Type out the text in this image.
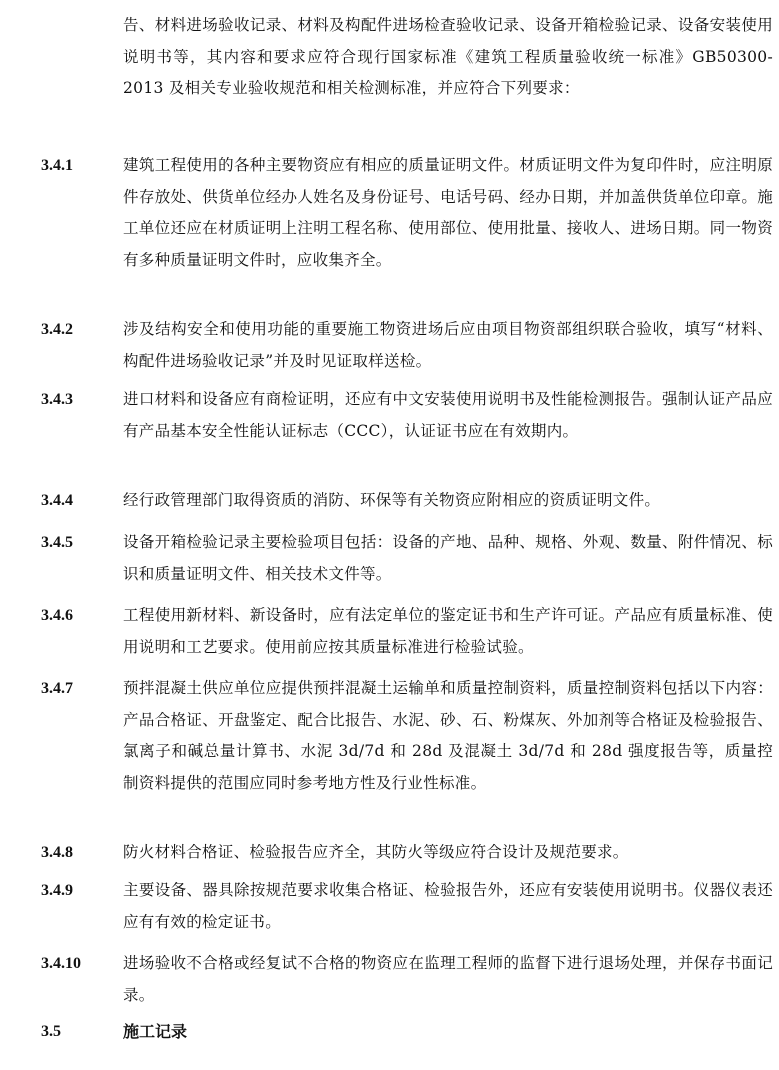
告、材料进场验收记录、材料及构配件进场检查验收记录、设备开箱检验记录、设备安装使用说明书等，其内容和要求应符合现行国家标准《建筑工程质量验收统一标准》GB50300-2013 及相关专业验收规范和相关检测标准，并应符合下列要求：
3.4.1	建筑工程使用的各种主要物资应有相应的质量证明文件。材质证明文件为复印件时，应注明原件存放处、供货单位经办人姓名及身份证号、电话号码、经办日期，并加盖供货单位印章。施工单位还应在材质证明上注明工程名称、使用部位、使用批量、接收人、进场日期。同一物资有多种质量证明文件时，应收集齐全。
3.4.2	涉及结构安全和使用功能的重要施工物资进场后应由项目物资部组织联合验收，填写“材料、构配件进场验收记录”并及时见证取样送检。
3.4.3	进口材料和设备应有商检证明，还应有中文安装使用说明书及性能检测报告。强制认证产品应有产品基本安全性能认证标志（CCC），认证证书应在有效期内。
3.4.4	经行政管理部门取得资质的消防、环保等有关物资应附相应的资质证明文件。
3.4.5	设备开箱检验记录主要检验项目包括：设备的产地、品种、规格、外观、数量、附件情况、标识和质量证明文件、相关技术文件等。
3.4.6	工程使用新材料、新设备时，应有法定单位的鉴定证书和生产许可证。产品应有质量标准、使用说明和工艺要求。使用前应按其质量标准进行检验试验。
3.4.7	预拌混凝土供应单位应提供预拌混凝土运输单和质量控制资料，质量控制资料包括以下内容：产品合格证、开盘鉴定、配合比报告、水泥、砂、石、粉煤灰、外加剂等合格证及检验报告、氯离子和碱总量计算书、水泥 3d/7d 和 28d 及混凝土 3d/7d 和 28d 强度报告等，质量控制资料提供的范围应同时参考地方性及行业性标准。
3.4.8	防火材料合格证、检验报告应齐全，其防火等级应符合设计及规范要求。
3.4.9	主要设备、器具除按规范要求收集合格证、检验报告外，还应有安装使用说明书。仪器仪表还应有有效的检定证书。
3.4.10	进场验收不合格或经复试不合格的物资应在监理工程师的监督下进行退场处理，并保存书面记录。
3.5	施工记录
